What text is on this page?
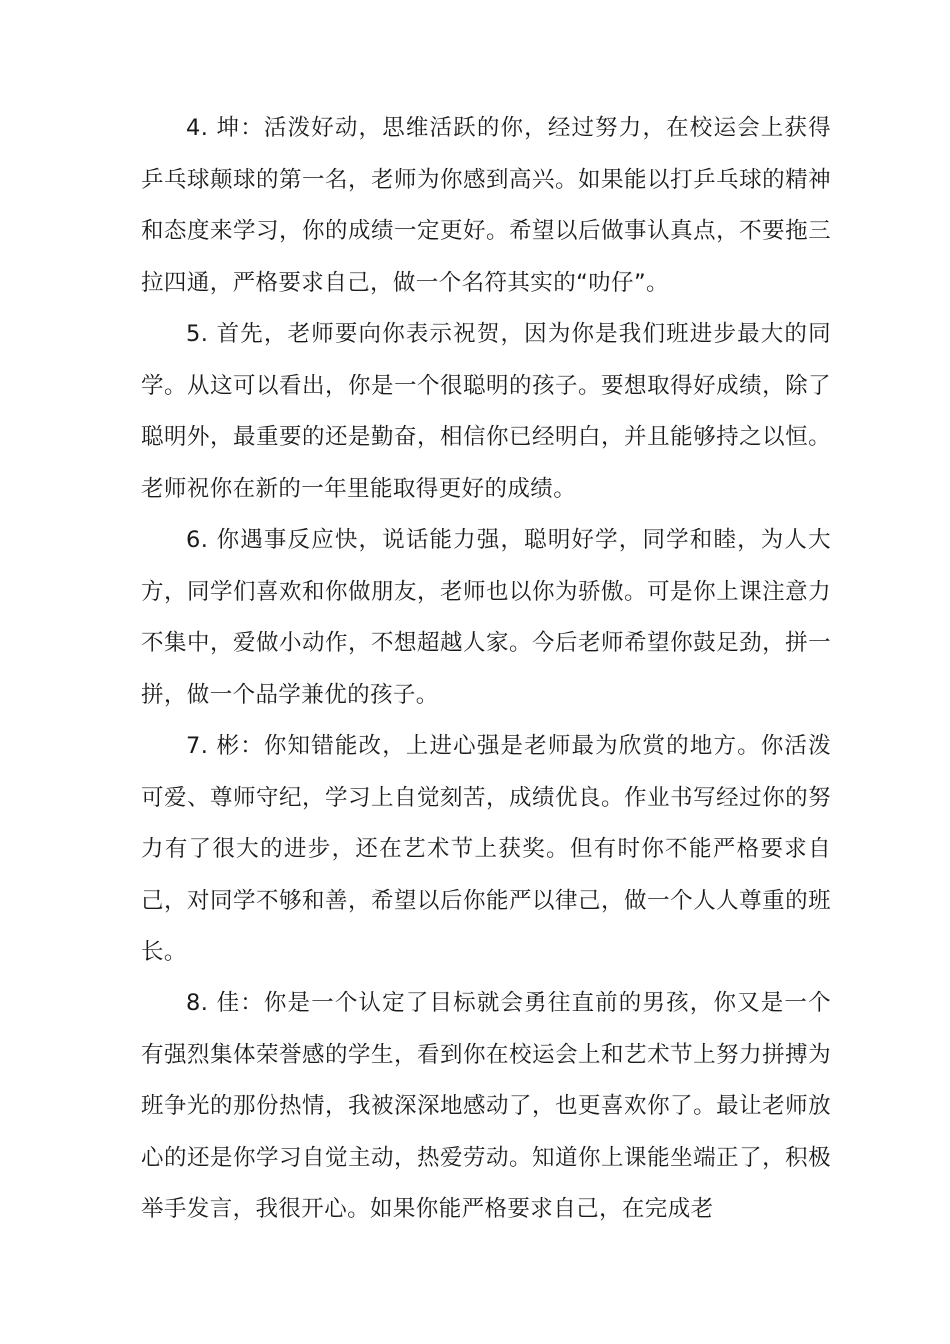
4. 坤：活泼好动，思维活跃的你，经过努力，在校运会上获得乒乓球颠球的第一名，老师为你感到高兴。如果能以打乒乓球的精神和态度来学习，你的成绩一定更好。希望以后做事认真点，不要拖三拉四通，严格要求自己，做一个名符其实的“叻仔”。

5. 首先，老师要向你表示祝贺，因为你是我们班进步最大的同学。从这可以看出，你是一个很聪明的孩子。要想取得好成绩，除了聪明外，最重要的还是勤奋，相信你已经明白，并且能够持之以恒。老师祝你在新的一年里能取得更好的成绩。

6. 你遇事反应快，说话能力强，聪明好学，同学和睦，为人大方，同学们喜欢和你做朋友，老师也以你为骄傲。可是你上课注意力不集中，爱做小动作，不想超越人家。今后老师希望你鼓足劲，拼一拼，做一个品学兼优的孩子。

7. 彬：你知错能改，上进心强是老师最为欣赏的地方。你活泼可爱、尊师守纪，学习上自觉刻苦，成绩优良。作业书写经过你的努力有了很大的进步，还在艺术节上获奖。但有时你不能严格要求自己，对同学不够和善，希望以后你能严以律己，做一个人人尊重的班长。

8. 佳：你是一个认定了目标就会勇往直前的男孩，你又是一个有强烈集体荣誉感的学生，看到你在校运会上和艺术节上努力拼搏为班争光的那份热情，我被深深地感动了，也更喜欢你了。最让老师放心的还是你学习自觉主动，热爱劳动。知道你上课能坐端正了，积极举手发言，我很开心。如果你能严格要求自己，在完成老
